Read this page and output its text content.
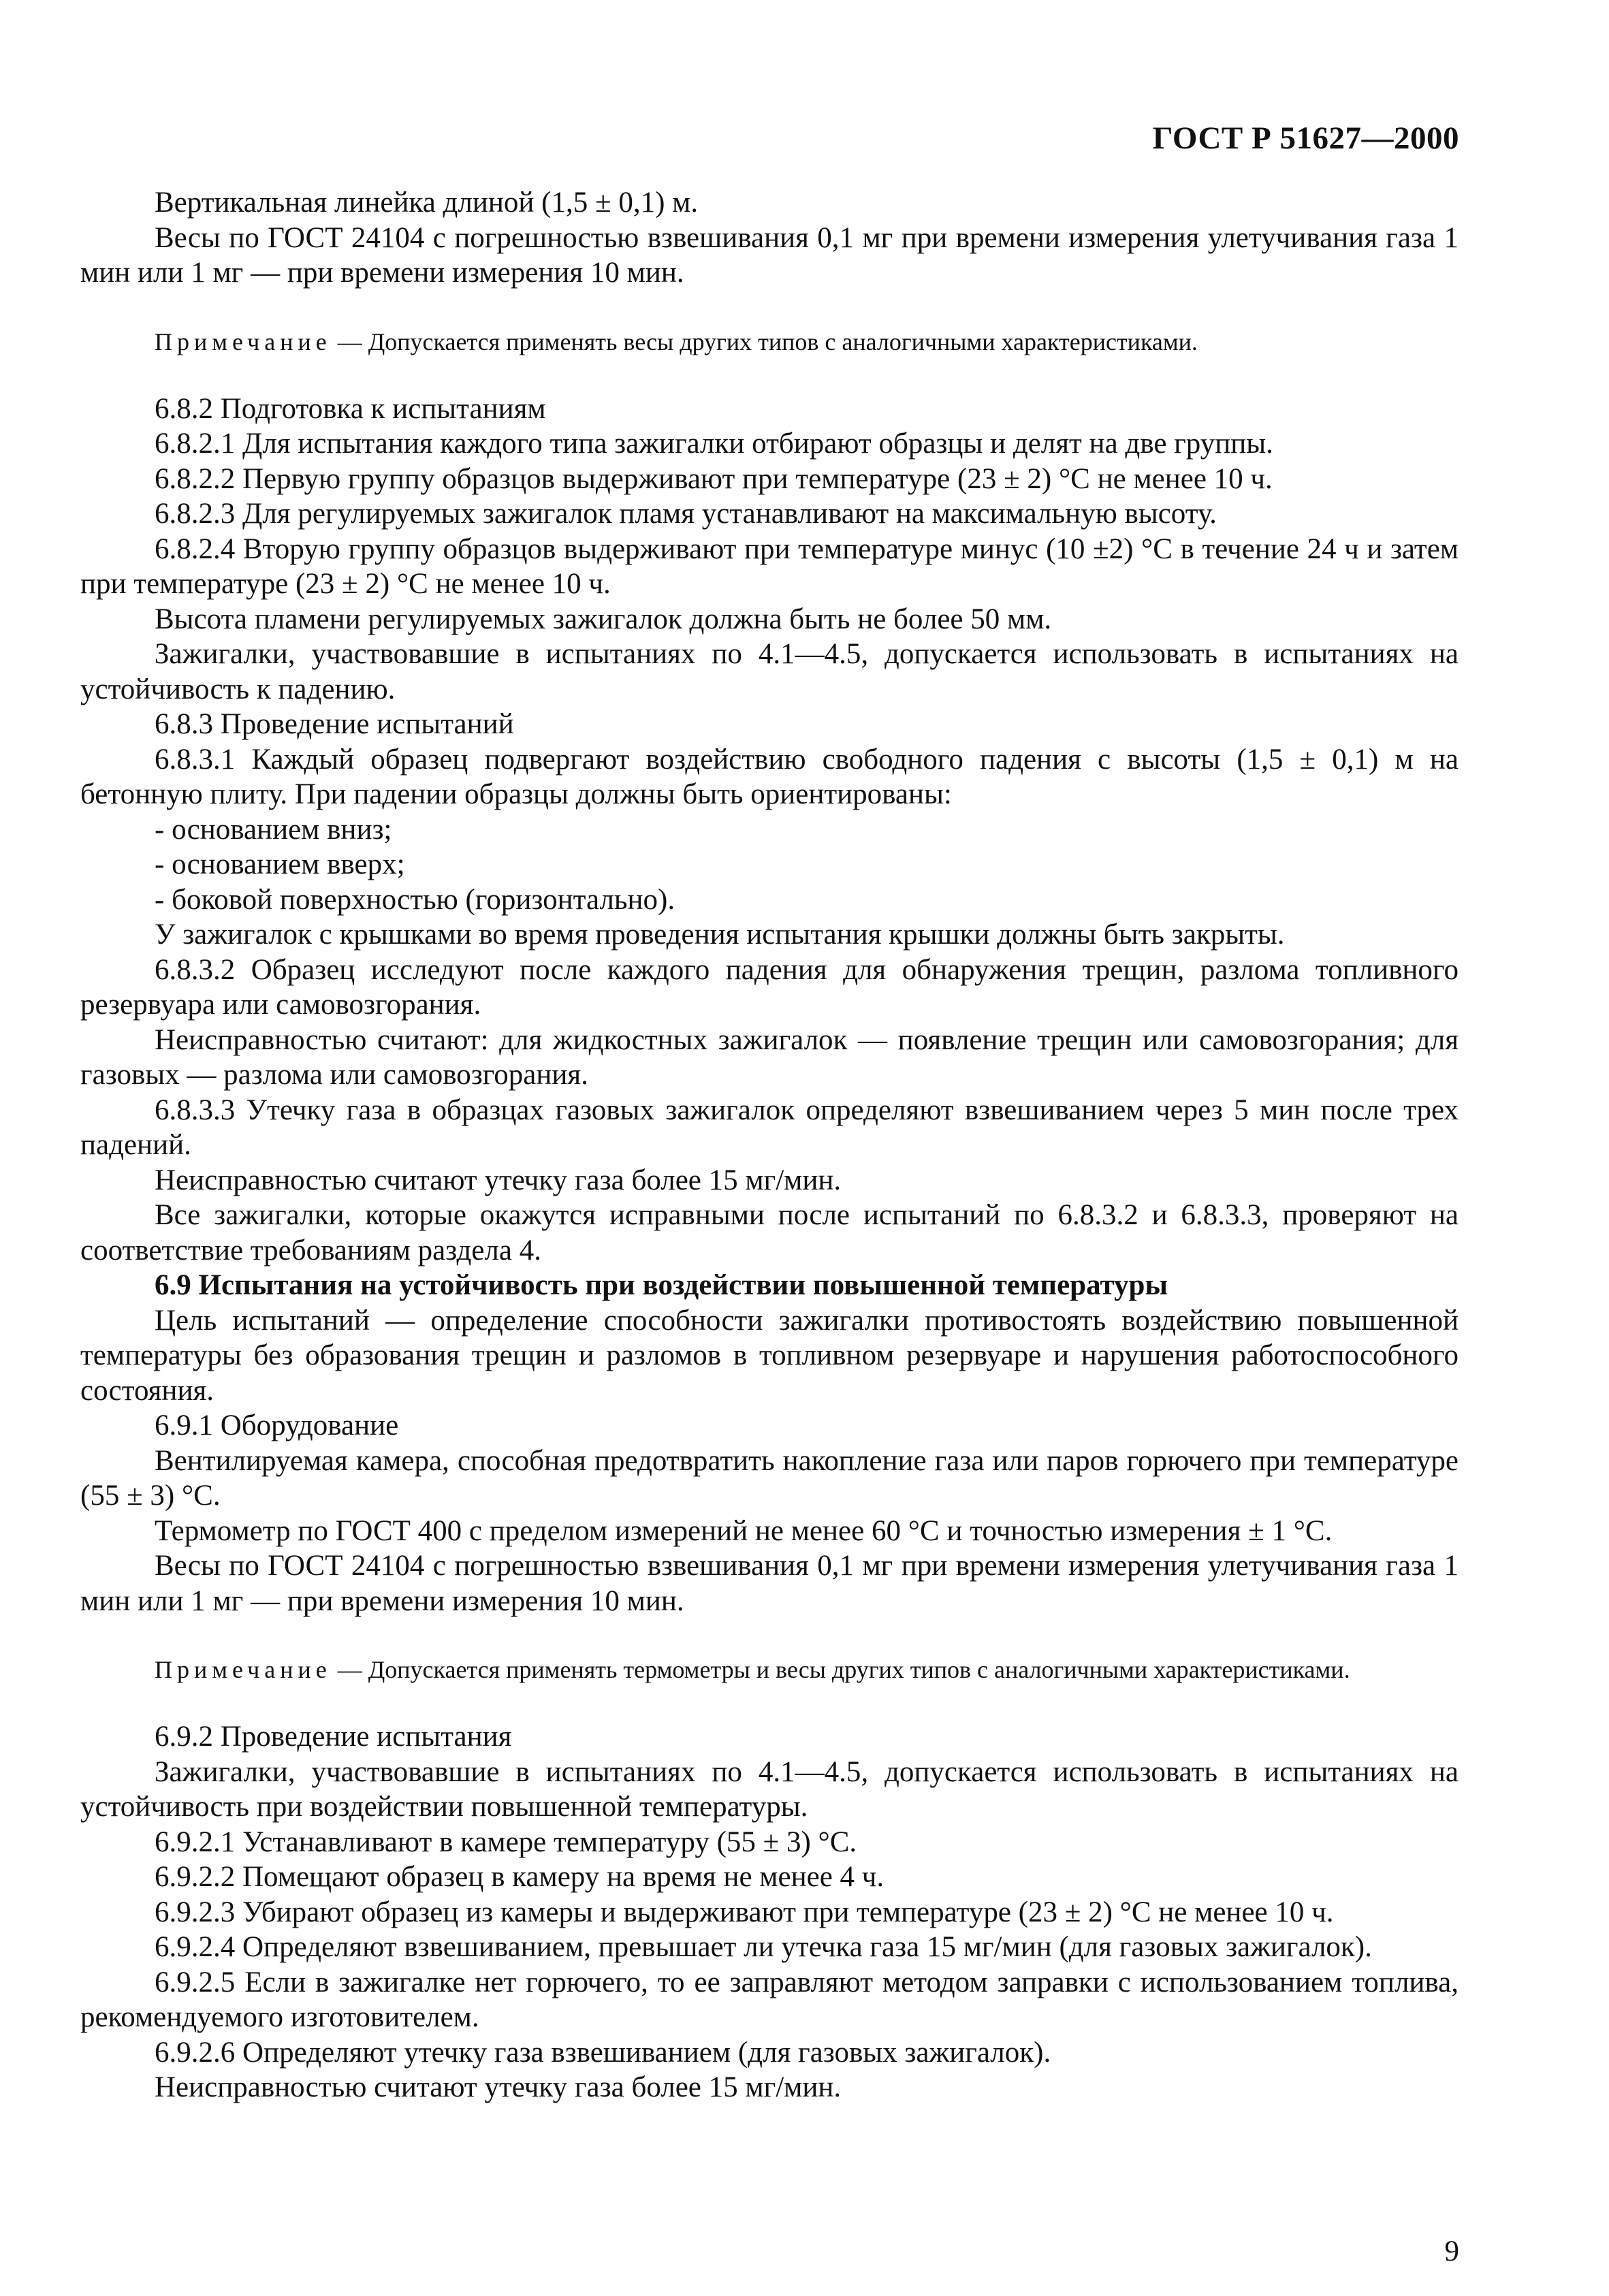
ГОСТ Р 51627—2000

Вертикальная линейка длиной (1,5 ± 0,1) м.

Весы по ГОСТ 24104 с погрешностью взвешивания 0,1 мг при времени измерения улетучивания газа 1 мин или 1 мг — при времени измерения 10 мин.

Примечание — Допускается применять весы других типов с аналогичными характеристиками.

6.8.2 Подготовка к испытаниям

6.8.2.1 Для испытания каждого типа зажигалки отбирают образцы и делят на две группы.

6.8.2.2 Первую группу образцов выдерживают при температуре (23 ± 2) °С не менее 10 ч.

6.8.2.3 Для регулируемых зажигалок пламя устанавливают на максимальную высоту.

6.8.2.4 Вторую группу образцов выдерживают при температуре минус (10 ±2) °С в течение 24 ч и затем при температуре (23 ± 2) °С не менее 10 ч.

Высота пламени регулируемых зажигалок должна быть не более 50 мм.

Зажигалки, участвовавшие в испытаниях по 4.1—4.5, допускается использовать в испытаниях на устойчивость к падению.

6.8.3 Проведение испытаний

6.8.3.1 Каждый образец подвергают воздействию свободного падения с высоты (1,5 ± 0,1) м на бетонную плиту. При падении образцы должны быть ориентированы:

- основанием вниз;

- основанием вверх;

- боковой поверхностью (горизонтально).

У зажигалок с крышками во время проведения испытания крышки должны быть закрыты.

6.8.3.2 Образец исследуют после каждого падения для обнаружения трещин, разлома топливного резервуара или самовозгорания.

Неисправностью считают: для жидкостных зажигалок — появление трещин или самовозгорания; для газовых — разлома или самовозгорания.

6.8.3.3 Утечку газа в образцах газовых зажигалок определяют взвешиванием через 5 мин после трех падений.

Неисправностью считают утечку газа более 15 мг/мин.

Все зажигалки, которые окажутся исправными после испытаний по 6.8.3.2 и 6.8.3.3, проверяют на соответствие требованиям раздела 4.

6.9 Испытания на устойчивость при воздействии повышенной температуры

Цель испытаний — определение способности зажигалки противостоять воздействию повышенной температуры без образования трещин и разломов в топливном резервуаре и нарушения работоспособного состояния.

6.9.1 Оборудование

Вентилируемая камера, способная предотвратить накопление газа или паров горючего при температуре (55 ± 3) °С.

Термометр по ГОСТ 400 с пределом измерений не менее 60 °С и точностью измерения ± 1 °С.

Весы по ГОСТ 24104 с погрешностью взвешивания 0,1 мг при времени измерения улетучивания газа 1 мин или 1 мг — при времени измерения 10 мин.

Примечание — Допускается применять термометры и весы других типов с аналогичными характеристиками.

6.9.2 Проведение испытания

Зажигалки, участвовавшие в испытаниях по 4.1—4.5, допускается использовать в испытаниях на устойчивость при воздействии повышенной температуры.

6.9.2.1 Устанавливают в камере температуру (55 ± 3) °С.

6.9.2.2 Помещают образец в камеру на время не менее 4 ч.

6.9.2.3 Убирают образец из камеры и выдерживают при температуре (23 ± 2) °С не менее 10 ч.

6.9.2.4 Определяют взвешиванием, превышает ли утечка газа 15 мг/мин (для газовых зажигалок).

6.9.2.5 Если в зажигалке нет горючего, то ее заправляют методом заправки с использованием топлива, рекомендуемого изготовителем.

6.9.2.6 Определяют утечку газа взвешиванием (для газовых зажигалок).

Неисправностью считают утечку газа более 15 мг/мин.

9
